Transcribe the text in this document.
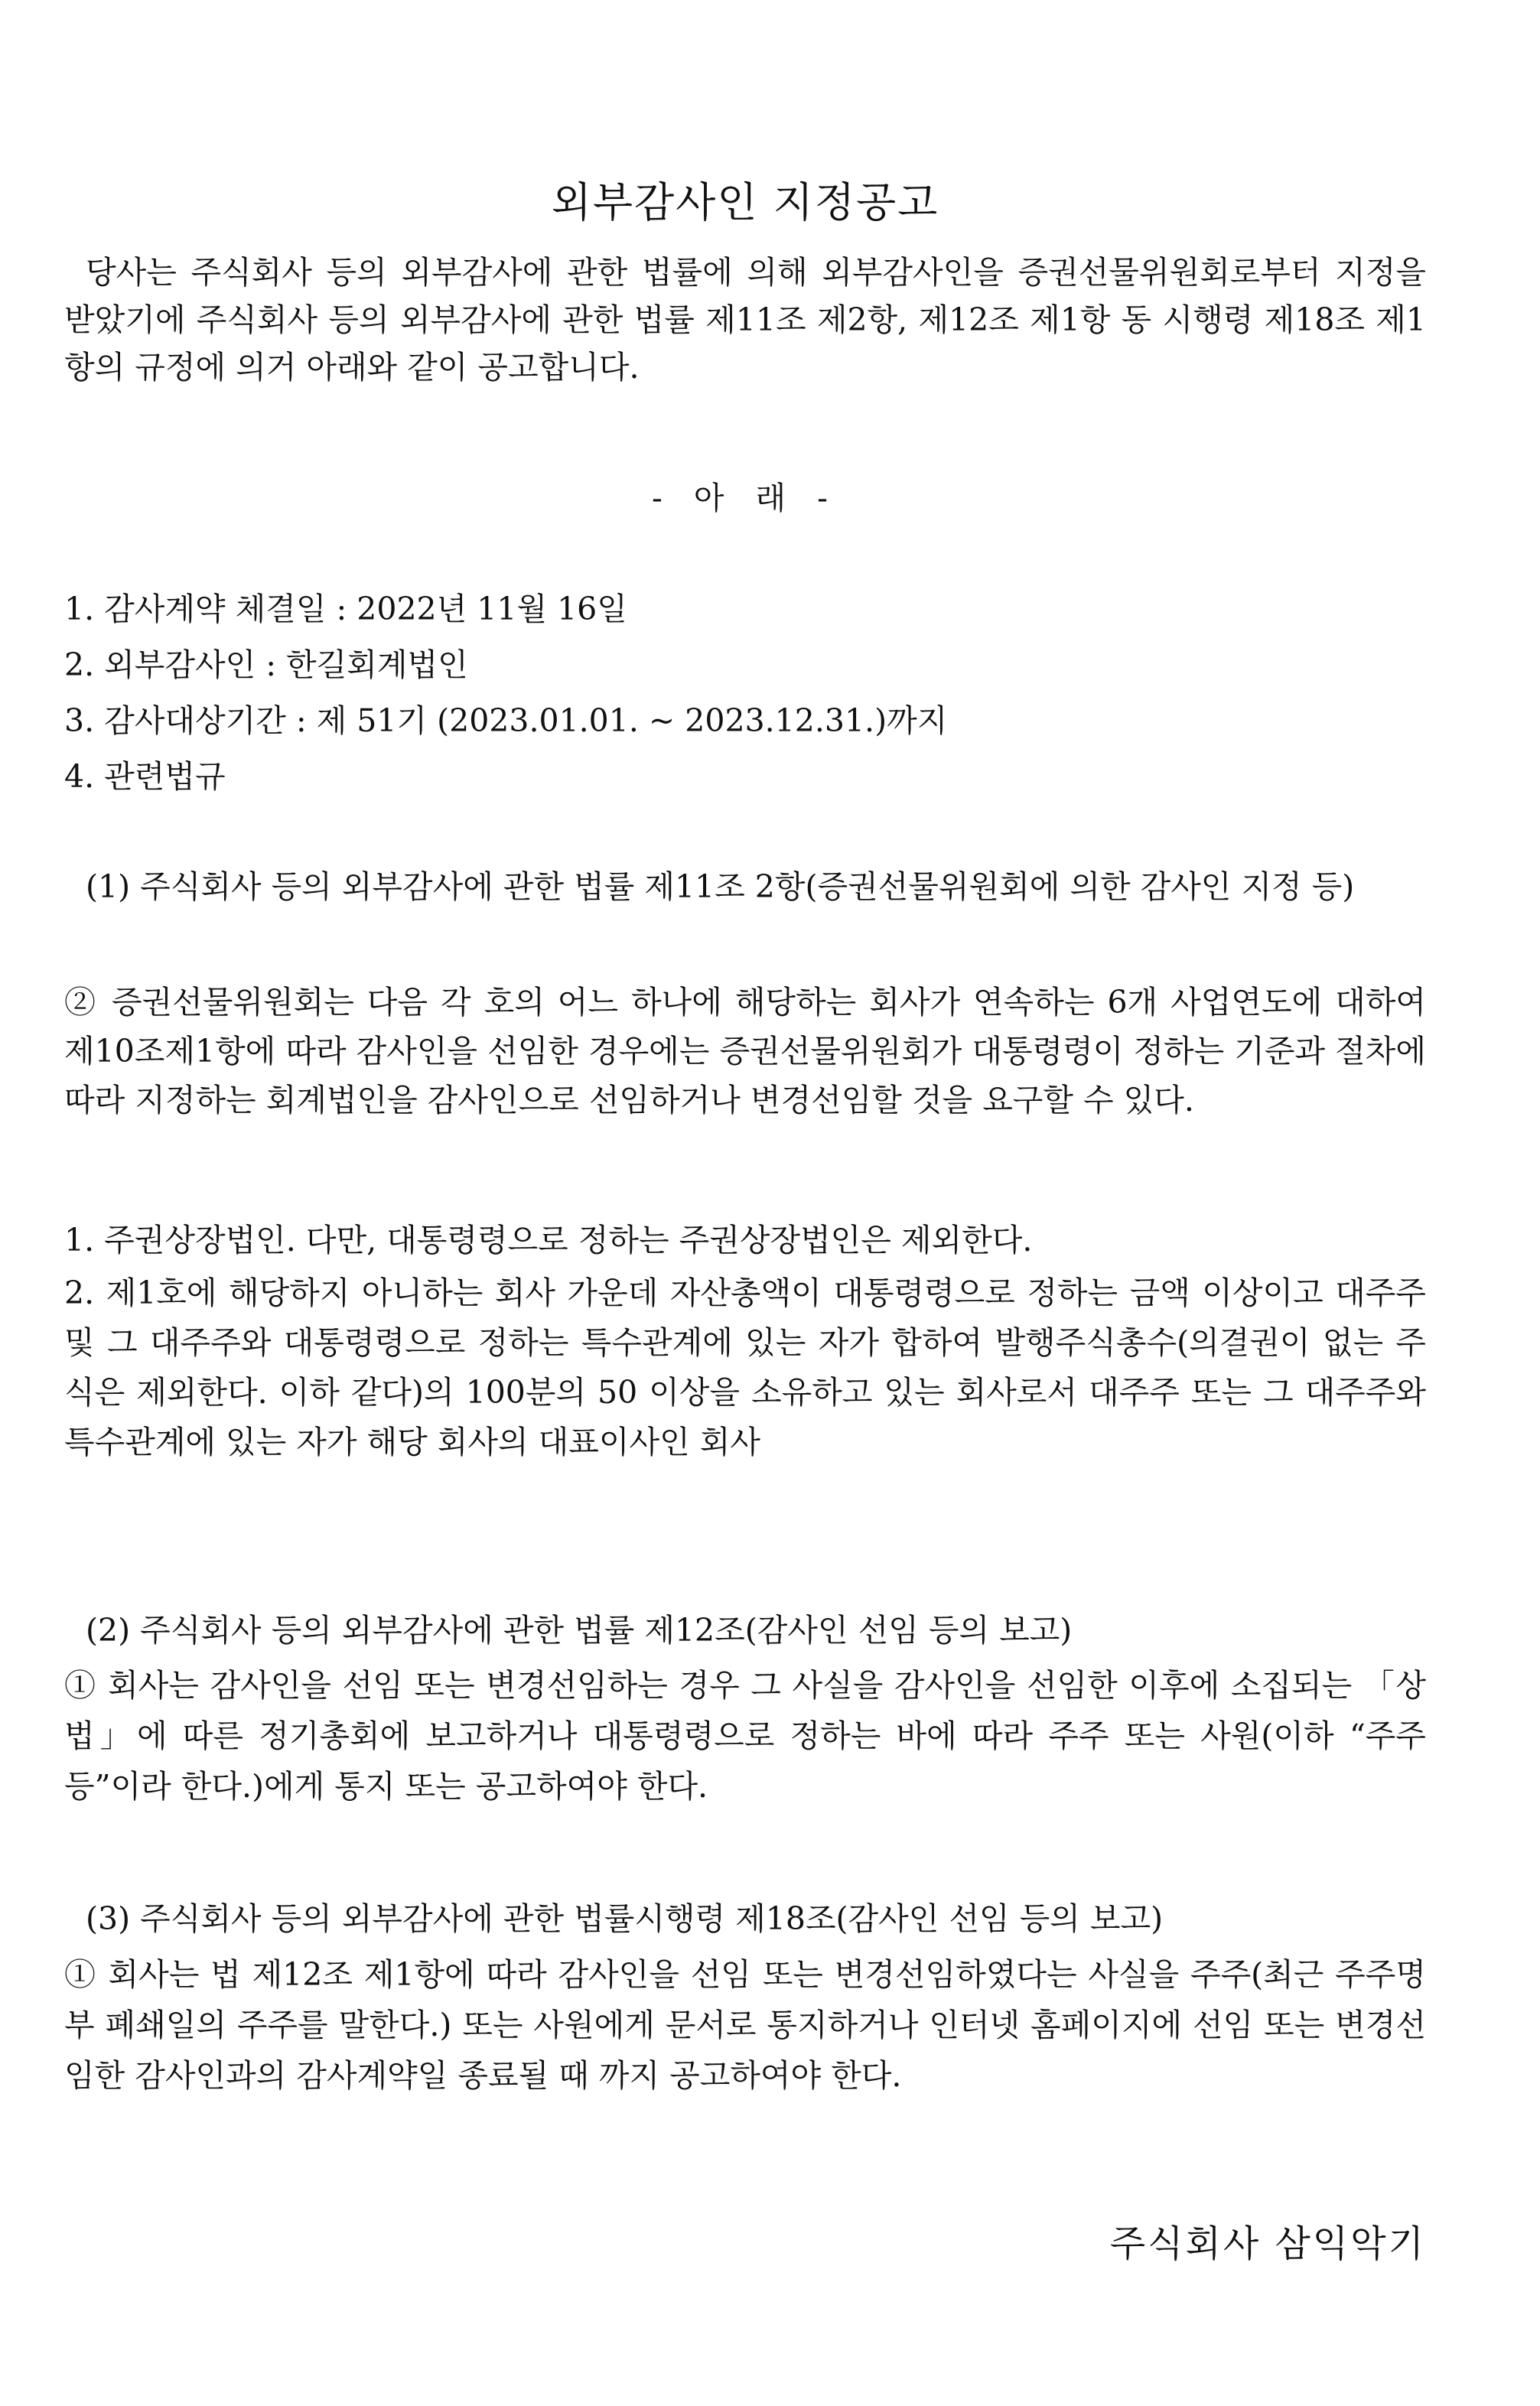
외부감사인 지정공고
당사는 주식회사 등의 외부감사에 관한 법률에 의해 외부감사인을 증권선물위원회로부터 지정을 받았기에 주식회사 등의 외부감사에 관한 법률 제11조 제2항, 제12조 제1항 동 시행령 제18조 제1항의 규정에 의거 아래와 같이 공고합니다.
- 아 래 -
1. 감사계약 체결일 : 2022년 11월 16일
2. 외부감사인 : 한길회계법인
3. 감사대상기간 : 제 51기 (2023.01.01. ~ 2023.12.31.)까지
4. 관련법규
(1) 주식회사 등의 외부감사에 관한 법률 제11조 2항(증권선물위원회에 의한 감사인 지정 등)
② 증권선물위원회는 다음 각 호의 어느 하나에 해당하는 회사가 연속하는 6개 사업연도에 대하여 제10조제1항에 따라 감사인을 선임한 경우에는 증권선물위원회가 대통령령이 정하는 기준과 절차에 따라 지정하는 회계법인을 감사인으로 선임하거나 변경선임할 것을 요구할 수 있다.
1. 주권상장법인. 다만, 대통령령으로 정하는 주권상장법인은 제외한다.
2. 제1호에 해당하지 아니하는 회사 가운데 자산총액이 대통령령으로 정하는 금액 이상이고 대주주 및 그 대주주와 대통령령으로 정하는 특수관계에 있는 자가 합하여 발행주식총수(의결권이 없는 주식은 제외한다. 이하 같다)의 100분의 50 이상을 소유하고 있는 회사로서 대주주 또는 그 대주주와 특수관계에 있는 자가 해당 회사의 대표이사인 회사
(2) 주식회사 등의 외부감사에 관한 법률 제12조(감사인 선임 등의 보고)
① 회사는 감사인을 선임 또는 변경선임하는 경우 그 사실을 감사인을 선임한 이후에 소집되는 「상법」에 따른 정기총회에 보고하거나 대통령령으로 정하는 바에 따라 주주 또는 사원(이하 “주주등”이라 한다.)에게 통지 또는 공고하여야 한다.
(3) 주식회사 등의 외부감사에 관한 법률시행령 제18조(감사인 선임 등의 보고)
① 회사는 법 제12조 제1항에 따라 감사인을 선임 또는 변경선임하였다는 사실을 주주(최근 주주명부 폐쇄일의 주주를 말한다.) 또는 사원에게 문서로 통지하거나 인터넷 홈페이지에 선임 또는 변경선임한 감사인과의 감사계약일 종료될 때 까지 공고하여야 한다.
주식회사 삼익악기
